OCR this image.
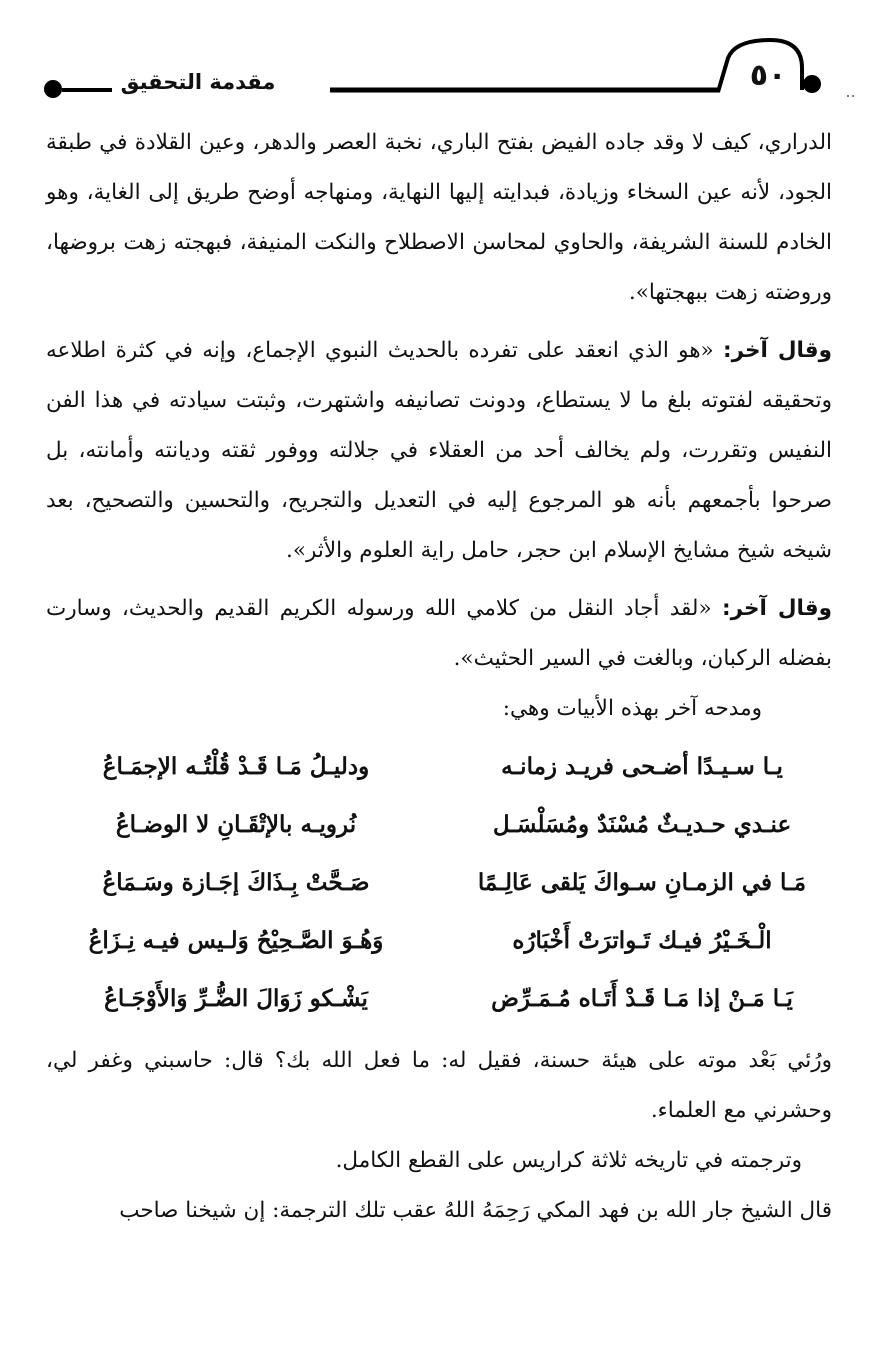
٥٠
مقدمة التحقيق

الدراري، كيف لا وقد جاده الفيض بفتح الباري، نخبة العصر والدهر، وعين القلادة في طبقة الجود، لأنه عين السخاء وزيادة، فبدايته إليها النهاية، ومنهاجه أوضح طريق إلى الغاية، وهو الخادم للسنة الشريفة، والحاوي لمحاسن الاصطلاح والنكت المنيفة، فبهجته زهت بروضها، وروضته زهت ببهجتها».

وقال آخر: «هو الذي انعقد على تفرده بالحديث النبوي الإجماع، وإنه في كثرة اطلاعه وتحقيقه لفتوته بلغ ما لا يستطاع، ودونت تصانيفه واشتهرت، وثبتت سيادته في هذا الفن النفيس وتقررت، ولم يخالف أحد من العقلاء في جلالته ووفور ثقته وديانته وأمانته، بل صرحوا بأجمعهم بأنه هو المرجوع إليه في التعديل والتجريح، والتحسين والتصحيح، بعد شيخه شيخ مشايخ الإسلام ابن حجر، حامل راية العلوم والأثر».

وقال آخر: «لقد أجاد النقل من كلامي الله ورسوله الكريم القديم والحديث، وسارت بفضله الركبان، وبالغت في السير الحثيث».

ومدحه آخر بهذه الأبيات وهي:

يـا سـيـدًا أضـحى فريـد زمانـه
ودليـلُ مَـا قَـدْ قُلْتُـه الإجمَـاعُ
عنـدي حـديـثٌ مُسْنَدٌ ومُسَلْسَـل
نُرويـه بالإتْقَـانِ لا الوضـاعُ
مَـا في الزمـانِ سـواكَ يَلقى عَالِـمًا
صَـحَّتْ بِـذَاكَ إجَـازة وسَـمَاعُ
الْـخَـيْرُ فيـك تَـواترَتْ أَخْبَارُه
وَهُـوَ الصَّـحِيْحُ وَلـيس فيـه نِـزَاعُ
يَـا مَـنْ إذا مَـا قَـدْ أَتَـاه مُـمَـرِّض
يَشْـكو زَوَالَ الضُّـرِّ وَالأَوْجَـاعُ

ورُئي بَعْد موته على هيئة حسنة، فقيل له: ما فعل الله بك؟ قال: حاسبني وغفر لي، وحشرني مع العلماء.

وترجمته في تاريخه ثلاثة كراريس على القطع الكامل.

قال الشيخ جار الله بن فهد المكي رَحِمَهُ اللهُ عقب تلك الترجمة: إن شيخنا صاحب
